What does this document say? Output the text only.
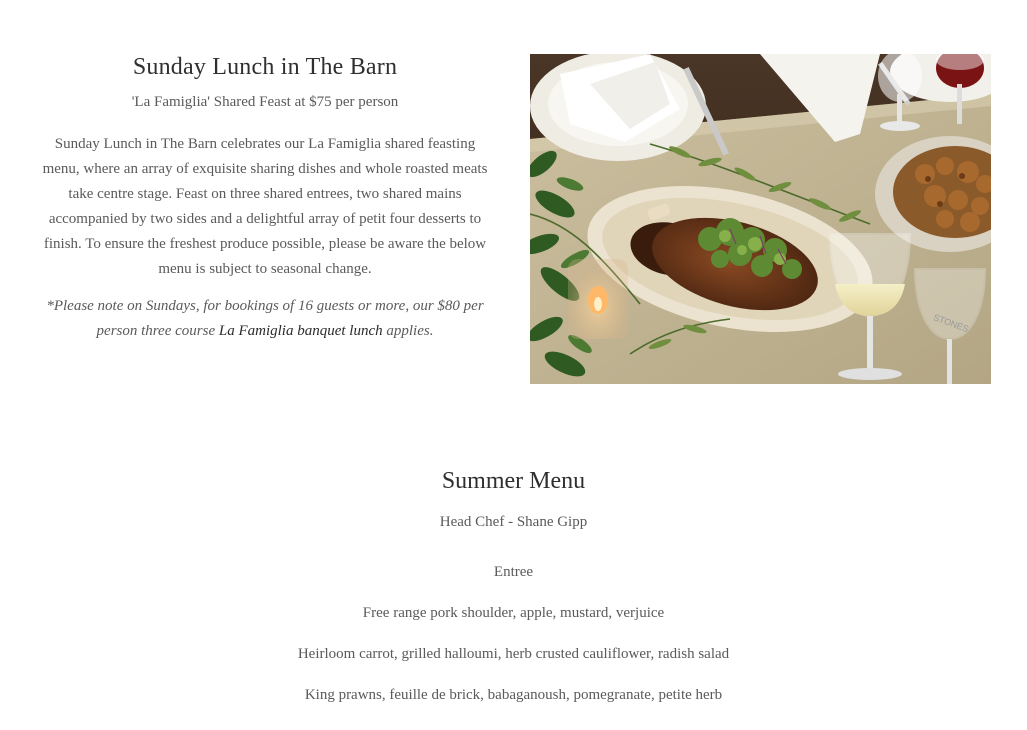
Sunday Lunch in The Barn

'La Famiglia' Shared Feast at $75 per person

Sunday Lunch in The Barn celebrates our La Famiglia shared feasting menu, where an array of exquisite sharing dishes and whole roasted meats take centre stage. Feast on three shared entrees, two shared mains accompanied by two sides and a delightful array of petit four desserts to finish. To ensure the freshest produce possible, please be aware the below menu is subject to seasonal change.

*Please note on Sundays, for bookings of 16 guests or more, our $80 per person three course La Famiglia banquet lunch applies.	STONES
Summer Menu

Head Chef - Shane Gipp

Entree

Free range pork shoulder, apple, mustard, verjuice

Heirloom carrot, grilled halloumi, herb crusted cauliflower, radish salad

King prawns, feuille de brick, babaganoush, pomegranate, petite herb
